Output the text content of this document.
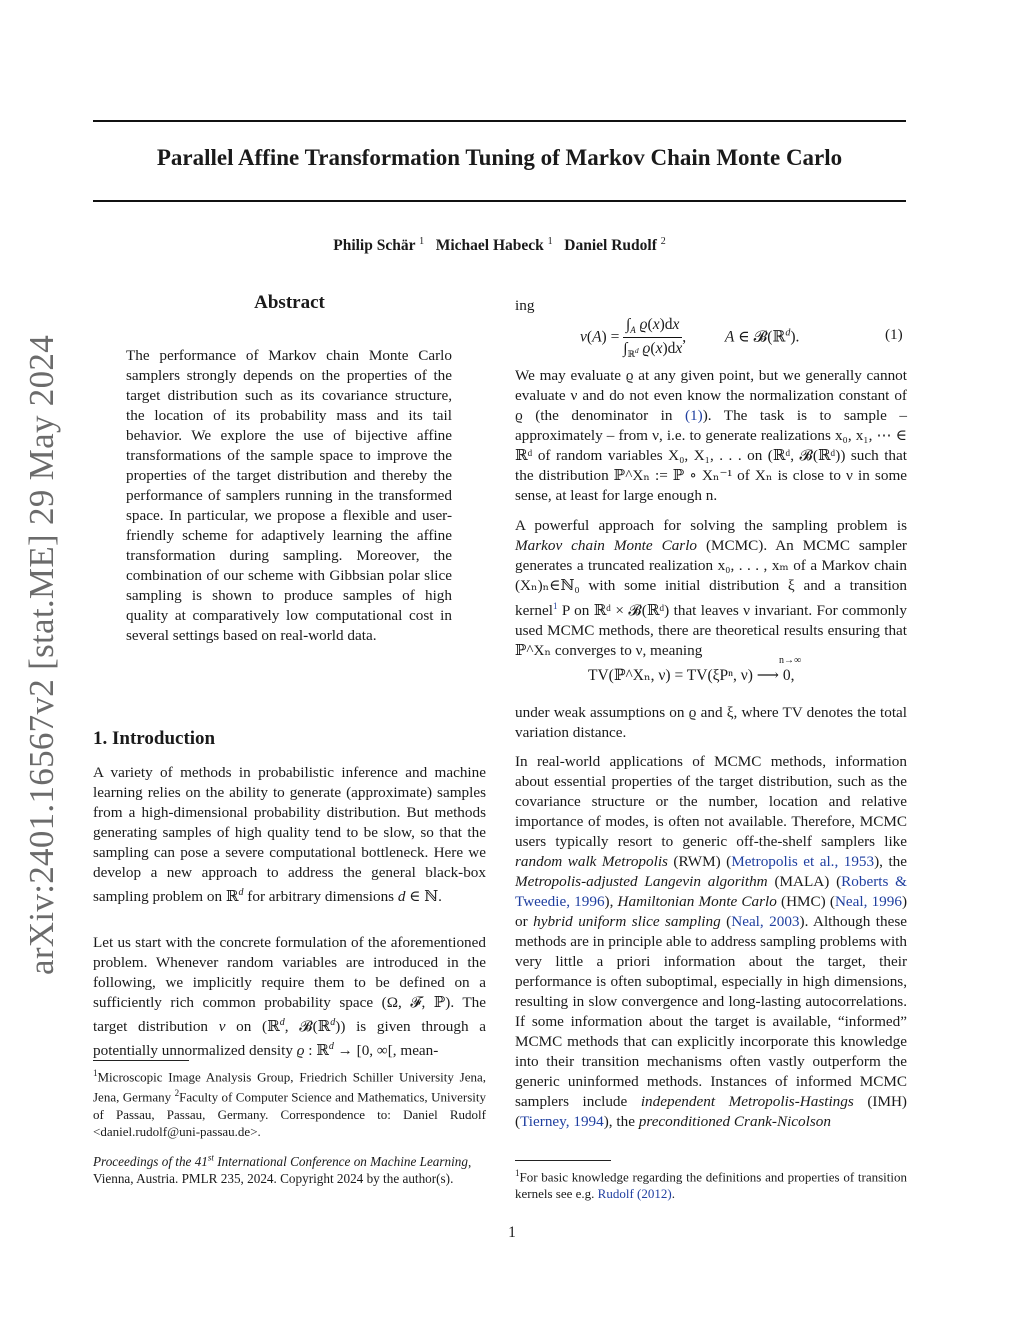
arXiv:2401.16567v2 [stat.ME] 29 May 2024
Parallel Affine Transformation Tuning of Markov Chain Monte Carlo
Philip Schär $^1$ Michael Habeck $^1$ Daniel Rudolf $^2$
Abstract
The performance of Markov chain Monte Carlo samplers strongly depends on the properties of the target distribution such as its covariance structure, the location of its probability mass and its tail behavior. We explore the use of bijective affine transformations of the sample space to improve the properties of the target distribution and thereby the performance of samplers running in the transformed space. In particular, we propose a flexible and user-friendly scheme for adaptively learning the affine transformation during sampling. Moreover, the combination of our scheme with Gibbsian polar slice sampling is shown to produce samples of high quality at comparatively low computational cost in several settings based on real-world data.
1. Introduction
A variety of methods in probabilistic inference and machine learning relies on the ability to generate (approximate) samples from a high-dimensional probability distribution. But methods generating samples of high quality tend to be slow, so that the sampling can pose a severe computational bottleneck. Here we develop a new approach to address the general black-box sampling problem on ℝ$^d$ for arbitrary dimensions d ∈ ℕ.
Let us start with the concrete formulation of the aforementioned problem. Whenever random variables are introduced in the following, we implicitly require them to be defined on a sufficiently rich common probability space (Ω, 𝓕, ℙ). The target distribution ν on (ℝ$^d$, 𝓑(ℝ$^d$)) is given through a potentially unnormalized density ϱ : ℝ$^d$ → [0, ∞[, mean-
$^1$Microscopic Image Analysis Group, Friedrich Schiller University Jena, Jena, Germany $^2$Faculty of Computer Science and Mathematics, University of Passau, Passau, Germany. Correspondence to: Daniel Rudolf <daniel.rudolf@uni-passau.de>.
Proceedings of the 41st International Conference on Machine Learning, Vienna, Austria. PMLR 235, 2024. Copyright 2024 by the author(s).
ing
$\nu(A) = \frac{\int_A ϱ(x)dx}{\int_{ℝ^d} ϱ(x)dx}$ ,          A ∈ 𝓑(ℝ$^d$).	(1)
We may evaluate ϱ at any given point, but we generally cannot evaluate ν and do not even know the normalization constant of ϱ (the denominator in (1)). The task is to sample – approximately – from ν, i.e. to generate realizations x₀, x₁, ⋯ ∈ ℝᵈ of random variables X₀, X₁, . . . on (ℝᵈ, 𝓑(ℝᵈ)) such that the distribution ℙ^Xₙ := ℙ ∘ Xₙ⁻¹ of Xₙ is close to ν in some sense, at least for large enough n.
A powerful approach for solving the sampling problem is Markov chain Monte Carlo (MCMC). An MCMC sampler generates a truncated realization x₀, . . . , xₘ of a Markov chain (Xₙ)ₙ∈ℕ₀ with some initial distribution ξ and a transition kernel$^1$ P on ℝᵈ × 𝓑(ℝᵈ) that leaves ν invariant. For commonly used MCMC methods, there are theoretical results ensuring that ℙ^Xₙ converges to ν, meaning
TV(ℙ^Xₙ, ν) = TV(ξPⁿ, ν) ⟶ 0,
n→∞
under weak assumptions on ϱ and ξ, where TV denotes the total variation distance.
In real-world applications of MCMC methods, information about essential properties of the target distribution, such as the covariance structure or the number, location and relative importance of modes, is often not available. Therefore, MCMC users typically resort to generic off-the-shelf samplers like random walk Metropolis (RWM) (Metropolis et al., 1953), the Metropolis-adjusted Langevin algorithm (MALA) (Roberts & Tweedie, 1996), Hamiltonian Monte Carlo (HMC) (Neal, 1996) or hybrid uniform slice sampling (Neal, 2003). Although these methods are in principle able to address sampling problems with very little a priori information about the target, their performance is often suboptimal, especially in high dimensions, resulting in slow convergence and long-lasting autocorrelations. If some information about the target is available, “informed” MCMC methods that can explicitly incorporate this knowledge into their transition mechanisms often vastly outperform the generic uninformed methods. Instances of informed MCMC samplers include independent Metropolis-Hastings (IMH) (Tierney, 1994), the preconditioned Crank-Nicolson
$^1$For basic knowledge regarding the definitions and properties of transition kernels see e.g. Rudolf (2012).
1
